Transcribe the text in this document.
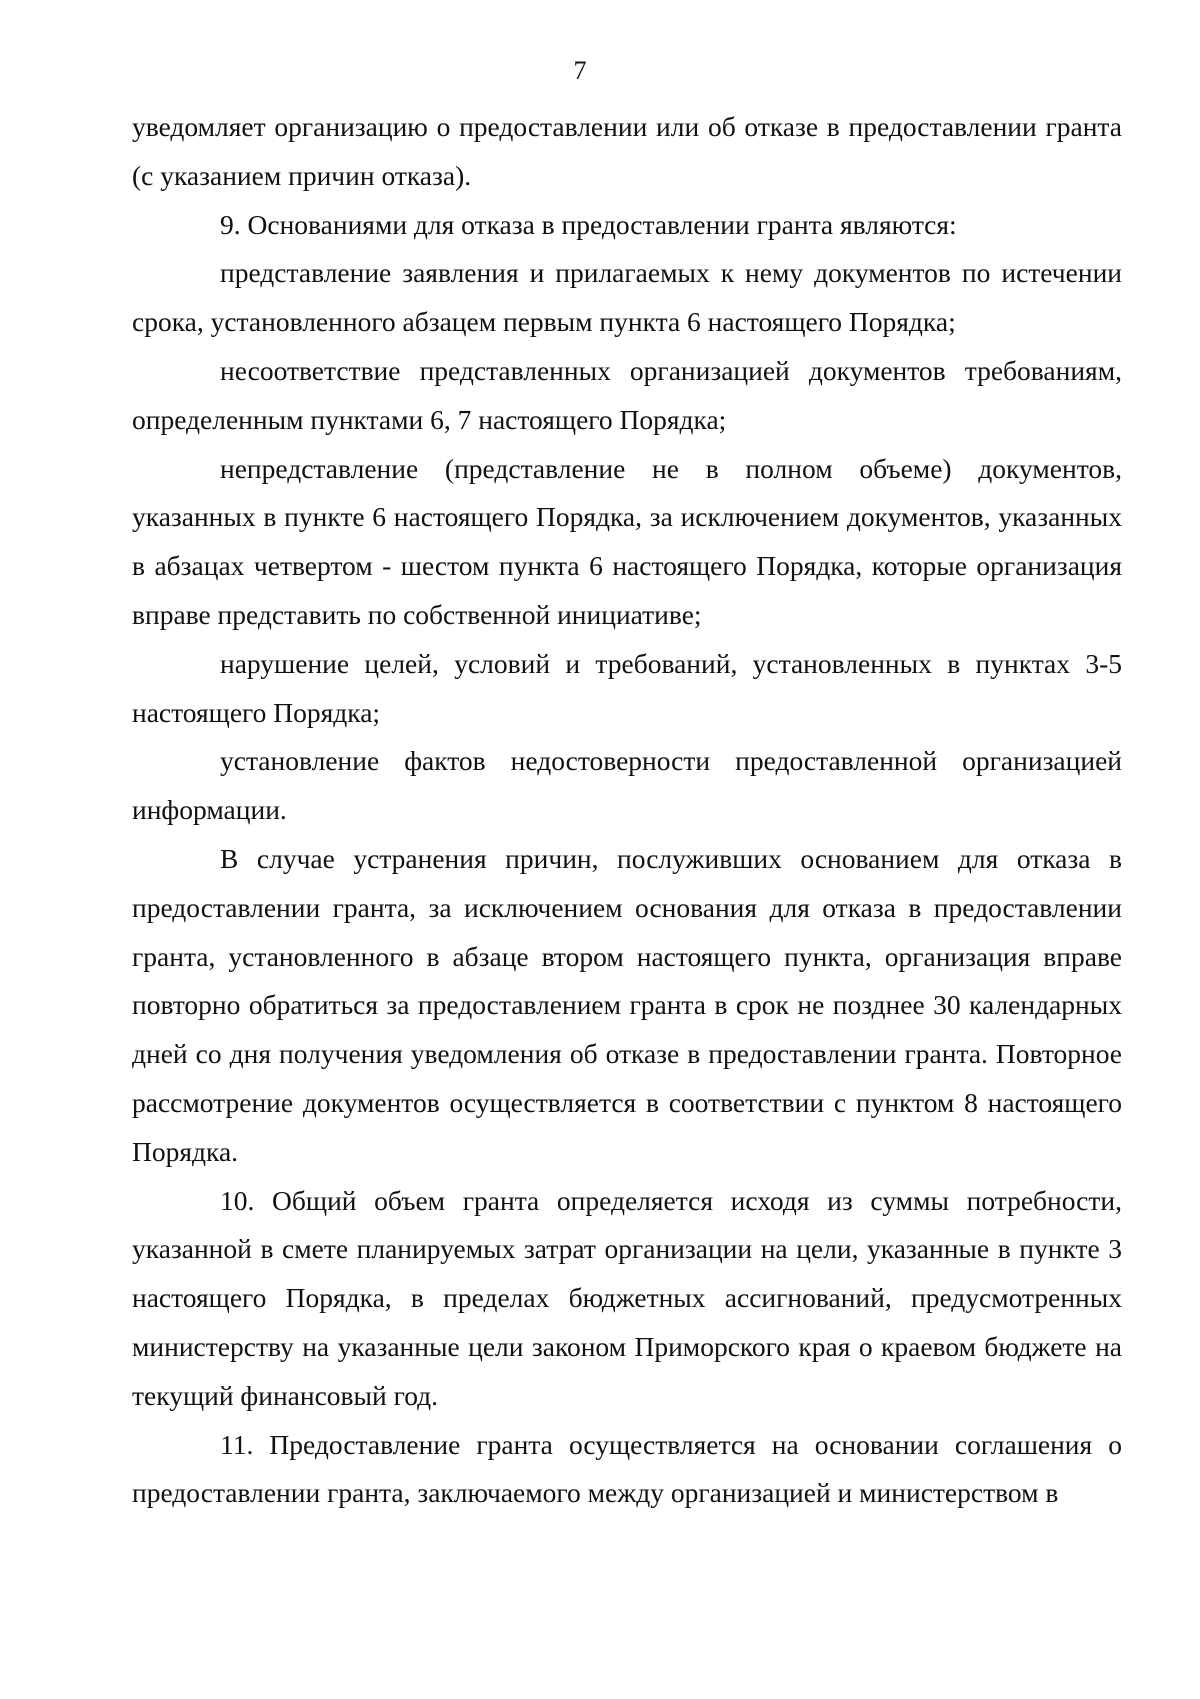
7

уведомляет организацию о предоставлении или об отказе в предоставлении гранта (с указанием причин отказа).

9. Основаниями для отказа в предоставлении гранта являются:

представление заявления и прилагаемых к нему документов по истечении срока, установленного абзацем первым пункта 6 настоящего Порядка;

несоответствие представленных организацией документов требованиям, определенным пунктами 6, 7 настоящего Порядка;

непредставление (представление не в полном объеме) документов, указанных в пункте 6 настоящего Порядка, за исключением документов, указанных в абзацах четвертом - шестом пункта 6 настоящего Порядка, которые организация вправе представить по собственной инициативе;

нарушение целей, условий и требований, установленных в пунктах 3-5 настоящего Порядка;

установление фактов недостоверности предоставленной организацией информации.

В случае устранения причин, послуживших основанием для отказа в предоставлении гранта, за исключением основания для отказа в предоставлении гранта, установленного в абзаце втором настоящего пункта, организация вправе повторно обратиться за предоставлением гранта в срок не позднее 30 календарных дней со дня получения уведомления об отказе в предоставлении гранта. Повторное рассмотрение документов осуществляется в соответствии с пунктом 8 настоящего Порядка.

10. Общий объем гранта определяется исходя из суммы потребности, указанной в смете планируемых затрат организации на цели, указанные в пункте 3 настоящего Порядка, в пределах бюджетных ассигнований, предусмотренных министерству на указанные цели законом Приморского края о краевом бюджете на текущий финансовый год.

11. Предоставление гранта осуществляется на основании соглашения о предоставлении гранта, заключаемого между организацией и министерством в
